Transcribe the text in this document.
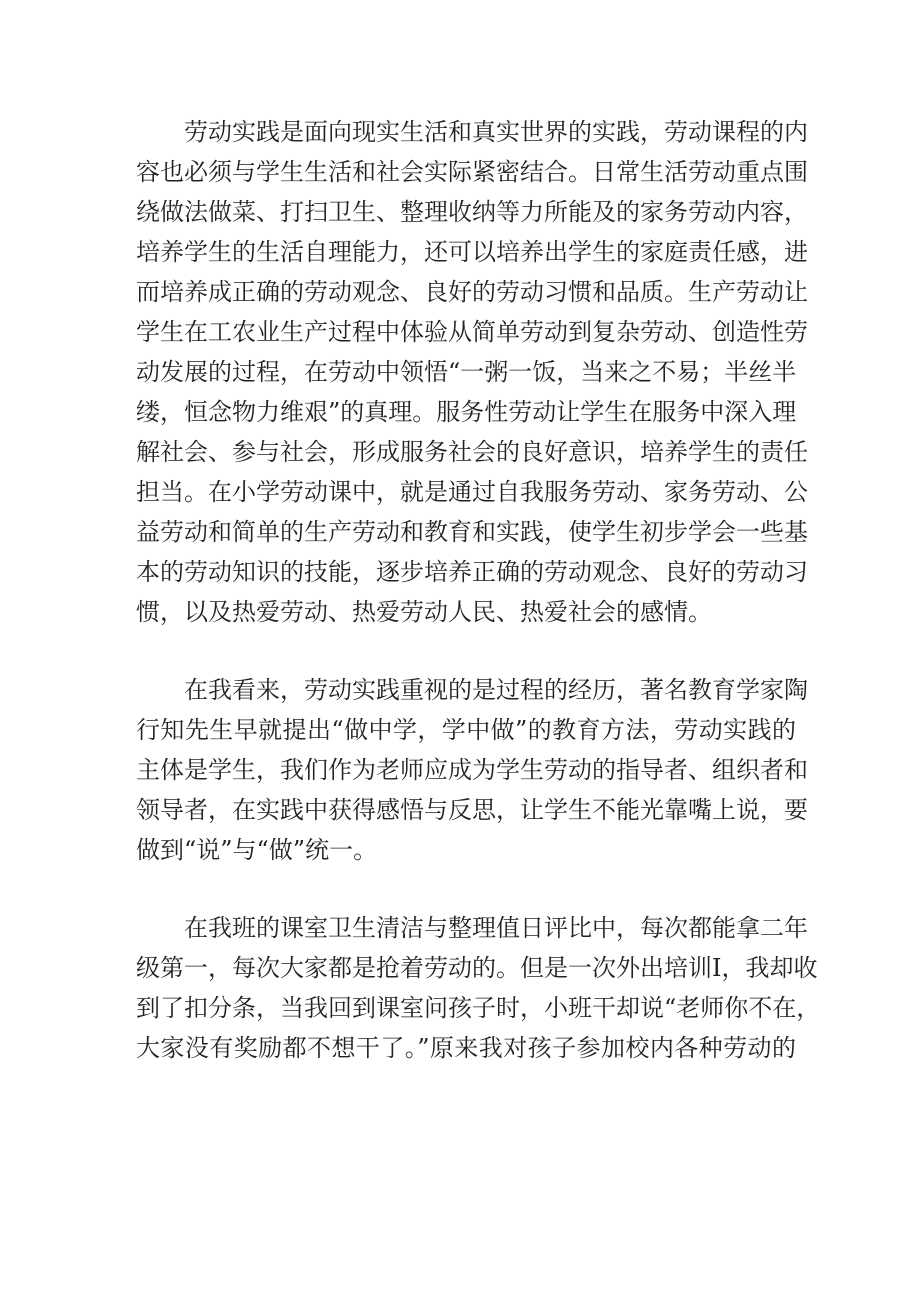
劳动实践是面向现实生活和真实世界的实践，劳动课程的内
容也必须与学生生活和社会实际紧密结合。日常生活劳动重点围
绕做法做菜、打扫卫生、整理收纳等力所能及的家务劳动内容，
培养学生的生活自理能力，还可以培养出学生的家庭责任感，进
而培养成正确的劳动观念、良好的劳动习惯和品质。生产劳动让
学生在工农业生产过程中体验从简单劳动到复杂劳动、创造性劳
动发展的过程，在劳动中领悟“一粥一饭，当来之不易；半丝半
缕，恒念物力维艰”的真理。服务性劳动让学生在服务中深入理
解社会、参与社会，形成服务社会的良好意识，培养学生的责任
担当。在小学劳动课中，就是通过自我服务劳动、家务劳动、公
益劳动和简单的生产劳动和教育和实践，使学生初步学会一些基
本的劳动知识的技能，逐步培养正确的劳动观念、良好的劳动习
惯，以及热爱劳动、热爱劳动人民、热爱社会的感情。
在我看来，劳动实践重视的是过程的经历，著名教育学家陶
行知先生早就提出“做中学，学中做”的教育方法，劳动实践的
主体是学生，我们作为老师应成为学生劳动的指导者、组织者和
领导者，在实践中获得感悟与反思，让学生不能光靠嘴上说，要
做到“说”与“做”统一。
在我班的课室卫生清洁与整理值日评比中，每次都能拿二年
级第一，每次大家都是抢着劳动的。但是一次外出培训I，我却收
到了扣分条，当我回到课室问孩子时，小班干却说“老师你不在，
大家没有奖励都不想干了。”原来我对孩子参加校内各种劳动的
